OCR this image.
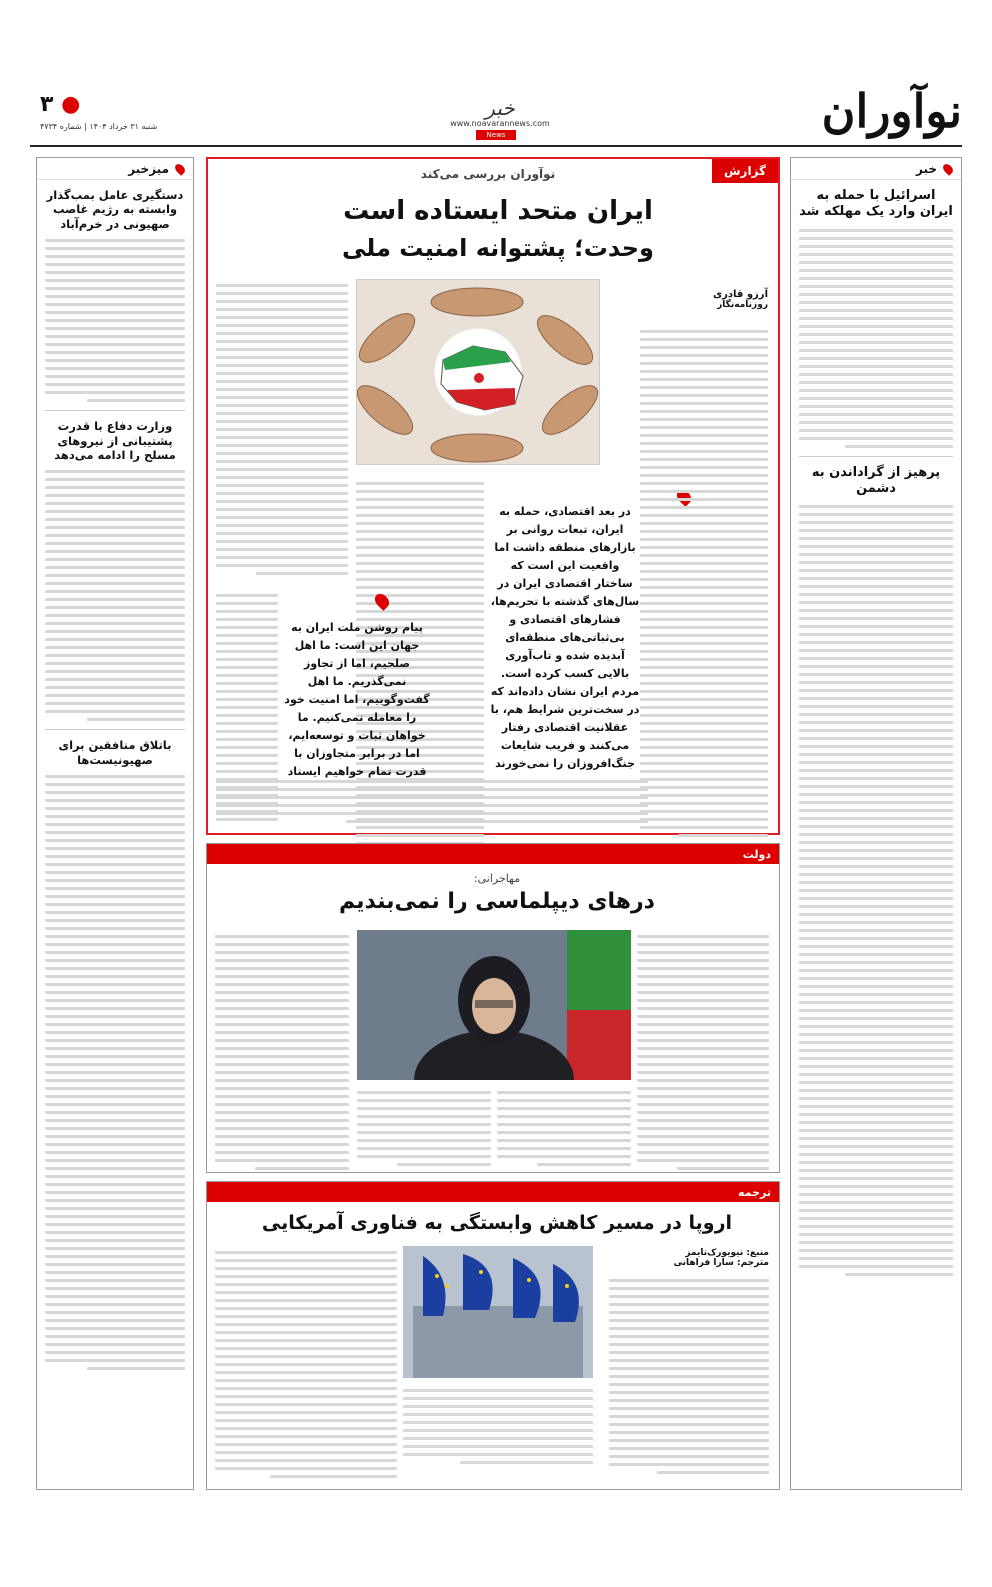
نوآوران
خبر
www.noavarannews.com
News
● ۳
شنبه ۳۱ خرداد ۱۴۰۴ | شماره ۴۷۳۴
خبر
اسرائیل با حمله به ایران وارد یک مهلکه شد
پرهیز از گراداندن به دشمن
میزخبر
دستگیری عامل بمب‌گذار وابسته به رژیم غاصب صهیونی در خرم‌آباد
وزارت دفاع با قدرت پشتیبانی از نیروهای مسلح را ادامه می‌دهد
باتلاق منافقین برای صهیونیست‌ها
گزارش
نوآوران بررسی می‌کند
ایران متحد ایستاده است
وحدت؛ پشتوانه امنیت ملی
آرزو قادری
روزنامه‌نگار
در بعد اقتصادی، حمله به ایران، تبعات روانی بر بازارهای منطقه داشت اما واقعیت این است که ساختار اقتصادی ایران در سال‌های گذشته با تحریم‌ها، فشارهای اقتصادی و بی‌ثباتی‌های منطقه‌ای آبدیده شده و تاب‌آوری بالایی کسب کرده است. مردم ایران نشان داده‌اند که در سخت‌ترین شرایط هم، با عقلانیت اقتصادی رفتار می‌کنند و فریب شایعات جنگ‌افروزان را نمی‌خورند
پیام روشن ملت ایران به جهان این است: ما اهل صلحیم، اما از تجاوز نمی‌گذریم. ما اهل گفت‌وگوییم، اما امنیت خود را معامله نمی‌کنیم. ما خواهان ثبات و توسعه‌ایم، اما در برابر متجاوزان با قدرت تمام خواهیم ایستاد
دولت
مهاجرانی:
درهای دیپلماسی را نمی‌بندیم
ترجمه
اروپا در مسیر کاهش وابستگی به فناوری آمریکایی
منبع: نیویورک‌تایمز
مترجم: سارا فراهانی
